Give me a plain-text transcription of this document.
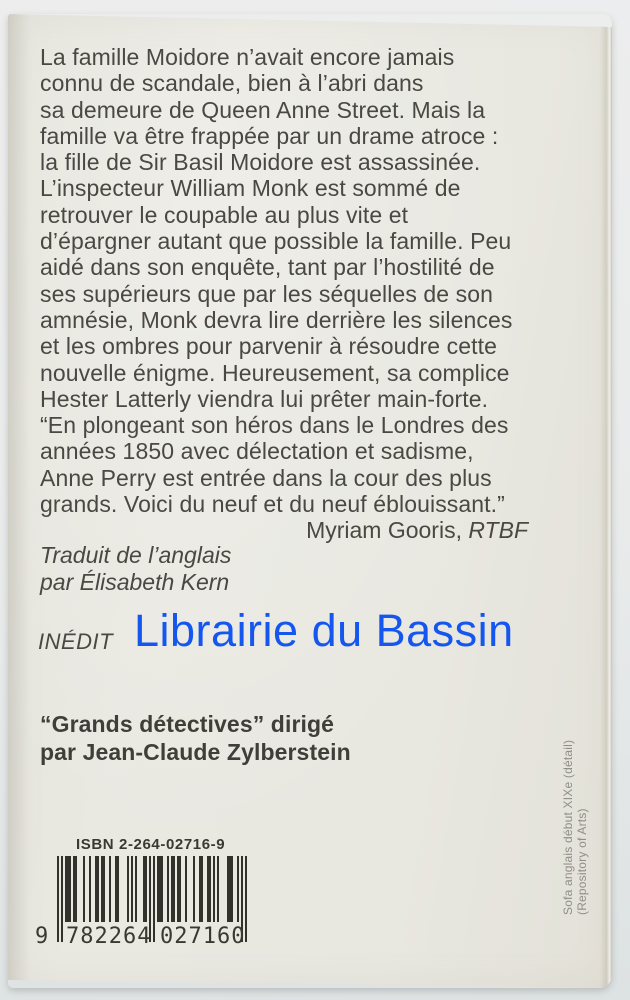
La famille Moidore n’avait encore jamais
connu de scandale, bien à l’abri dans
sa demeure de Queen Anne Street. Mais la
famille va être frappée par un drame atroce :
la fille de Sir Basil Moidore est assassinée.
L’inspecteur William Monk est sommé de
retrouver le coupable au plus vite et
d’épargner autant que possible la famille. Peu
aidé dans son enquête, tant par l’hostilité de
ses supérieurs que par les séquelles de son
amnésie, Monk devra lire derrière les silences
et les ombres pour parvenir à résoudre cette
nouvelle énigme. Heureusement, sa complice
Hester Latterly viendra lui prêter main-forte.
“En plongeant son héros dans le Londres des
années 1850 avec délectation et sadisme,
Anne Perry est entrée dans la cour des plus
grands. Voici du neuf et du neuf éblouissant.”
Myriam Gooris, RTBF
Traduit de l’anglais
par Élisabeth Kern
INÉDIT Librairie du Bassin
“Grands détectives” dirigé
par Jean-Claude Zylberstein	Sofa anglais début XIXe (détail) (Repository of Arts)
ISBN 2-264-02716-9
9 782264 027160
